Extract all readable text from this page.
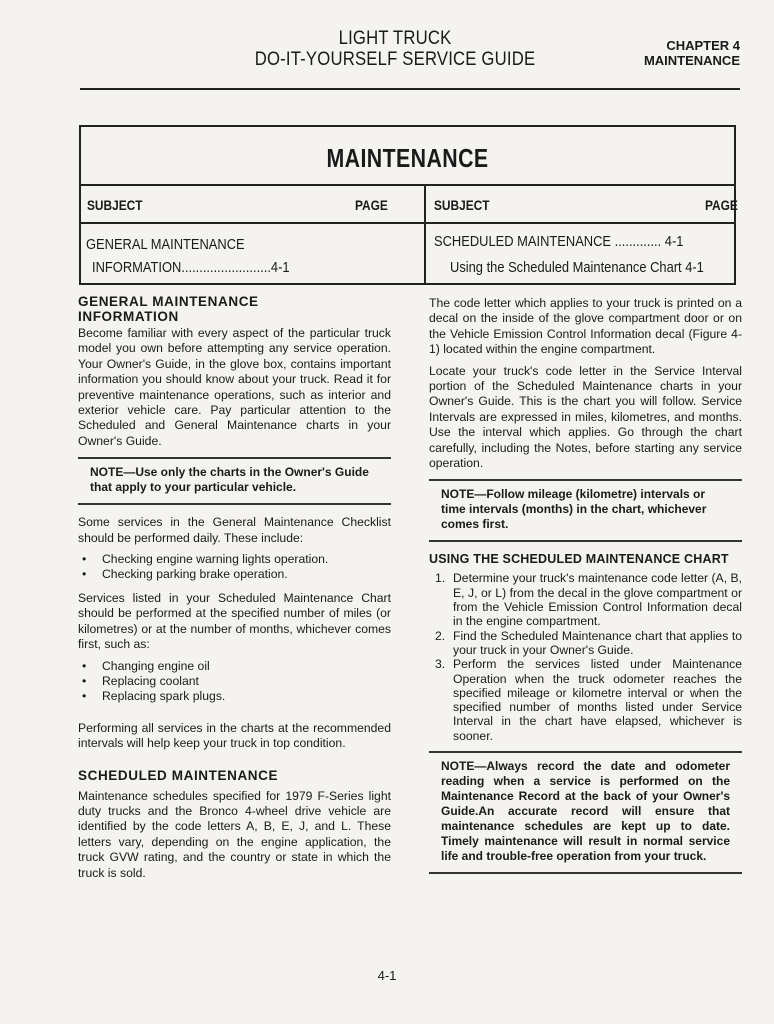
LIGHT TRUCK
DO-IT-YOURSELF SERVICE GUIDE
CHAPTER 4
MAINTENANCE
MAINTENANCE
SUBJECT	PAGE	SUBJECT	PAGE
GENERAL MAINTENANCE
INFORMATION.........................4-1
SCHEDULED MAINTENANCE ............. 4-1
Using the Scheduled Maintenance Chart 4-1
GENERAL MAINTENANCE
INFORMATION

Become familiar with every aspect of the particular truck model you own before attempting any service operation. Your Owner's Guide, in the glove box, contains important information you should know about your truck. Read it for preventive maintenance operations, such as interior and exterior vehicle care. Pay particular attention to the Scheduled and General Maintenance charts in your Owner's Guide.

NOTE—Use only the charts in the Owner's Guide that apply to your particular vehicle.

Some services in the General Maintenance Checklist should be performed daily. These include:

• Checking engine warning lights operation.
• Checking parking brake operation.

Services listed in your Scheduled Maintenance Chart should be performed at the specified number of miles (or kilometres) or at the number of months, whichever comes first, such as:

• Changing engine oil
• Replacing coolant
• Replacing spark plugs.

Performing all services in the charts at the recommended intervals will help keep your truck in top condition.

SCHEDULED MAINTENANCE

Maintenance schedules specified for 1979 F-Series light duty trucks and the Bronco 4-wheel drive vehicle are identified by the code letters A, B, E, J, and L. These letters vary, depending on the engine application, the truck GVW rating, and the country or state in which the truck is sold.

The code letter which applies to your truck is printed on a decal on the inside of the glove compartment door or on the Vehicle Emission Control Information decal (Figure 4-1) located within the engine compartment.

Locate your truck's code letter in the Service Interval portion of the Scheduled Maintenance charts in your Owner's Guide. This is the chart you will follow. Service Intervals are expressed in miles, kilometres, and months. Use the interval which applies. Go through the chart carefully, including the Notes, before starting any service operation.

NOTE—Follow mileage (kilometre) intervals or time intervals (months) in the chart, whichever comes first.
USING THE SCHEDULED MAINTENANCE CHART
1. Determine your truck's maintenance code letter (A, B, E, J, or L) from the decal in the glove compartment or from the Vehicle Emission Control Information decal in the engine compartment.
2. Find the Scheduled Maintenance chart that applies to your truck in your Owner's Guide.
3. Perform the services listed under Maintenance Operation when the truck odometer reaches the specified mileage or kilometre interval or when the specified number of months listed under Service Interval in the chart have elapsed, whichever is sooner.
NOTE—Always record the date and odometer reading when a service is performed on the Maintenance Record at the back of your Owner's Guide.An accurate record will ensure that maintenance schedules are kept up to date. Timely maintenance will result in normal service life and trouble-free operation from your truck.
4-1
